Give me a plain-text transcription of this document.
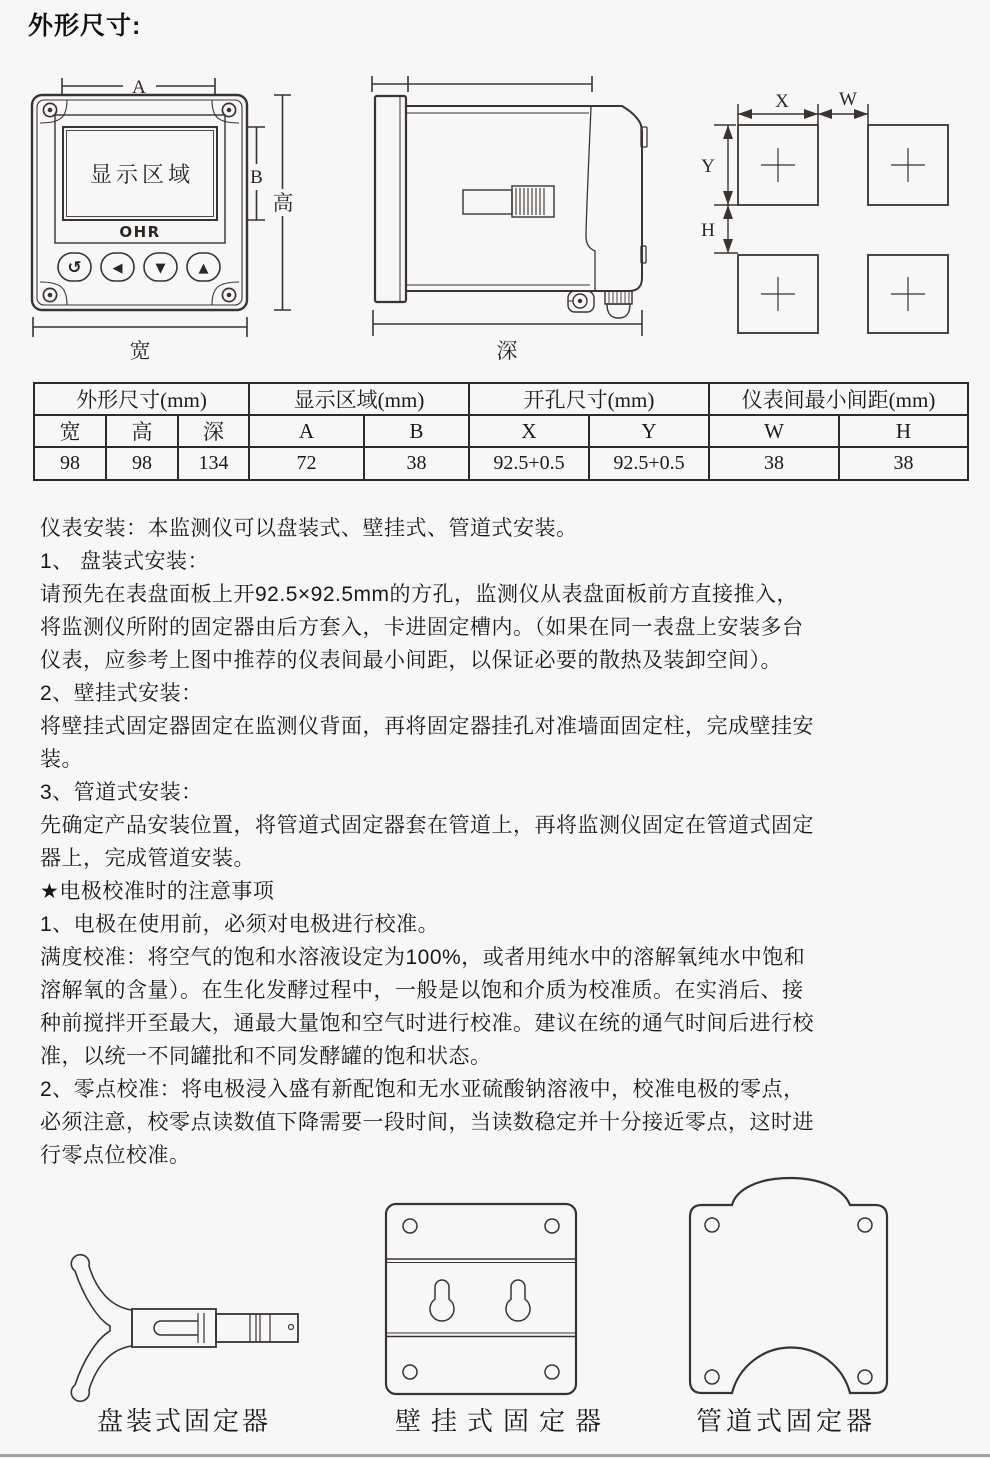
外形尺寸:
A
显示区域
OHR
↺ ◀	▼	▲
B
高
宽	深
X	W
Y
H
外形尺寸(mm)			显示区域(mm)		开孔尺寸(mm)		仪表间最小间距(mm)	
宽	高	深	A	B	X	Y	W	H
98	98	134	72	38	92.5+0.5	92.5+0.5	38	38
仪表安装：本监测仪可以盘装式、壁挂式、管道式安装。
1、 盘装式安装：
请预先在表盘面板上开92.5×92.5mm的方孔，监测仪从表盘面板前方直接推入，
将监测仪所附的固定器由后方套入，卡进固定槽内。（如果在同一表盘上安装多台
仪表，应参考上图中推荐的仪表间最小间距，以保证必要的散热及装卸空间）。
2、壁挂式安装：
将壁挂式固定器固定在监测仪背面，再将固定器挂孔对准墙面固定柱，完成壁挂安
装。
3、管道式安装：
先确定产品安装位置，将管道式固定器套在管道上，再将监测仪固定在管道式固定
器上，完成管道安装。
★电极校准时的注意事项
1、电极在使用前，必须对电极进行校准。
满度校准：将空气的饱和水溶液设定为100%，或者用纯水中的溶解氧纯水中饱和
溶解氧的含量）。在生化发酵过程中，一般是以饱和介质为校准质。在实消后、接
种前搅拌开至最大，通最大量饱和空气时进行校准。建议在统的通气时间后进行校
准，以统一不同罐批和不同发酵罐的饱和状态。
2、零点校准：将电极浸入盛有新配饱和无水亚硫酸钠溶液中，校准电极的零点，
必须注意，校零点读数值下降需要一段时间，当读数稳定并十分接近零点，这时进
行零点位校准。
盘装式固定器	壁挂式固定器	管道式固定器
